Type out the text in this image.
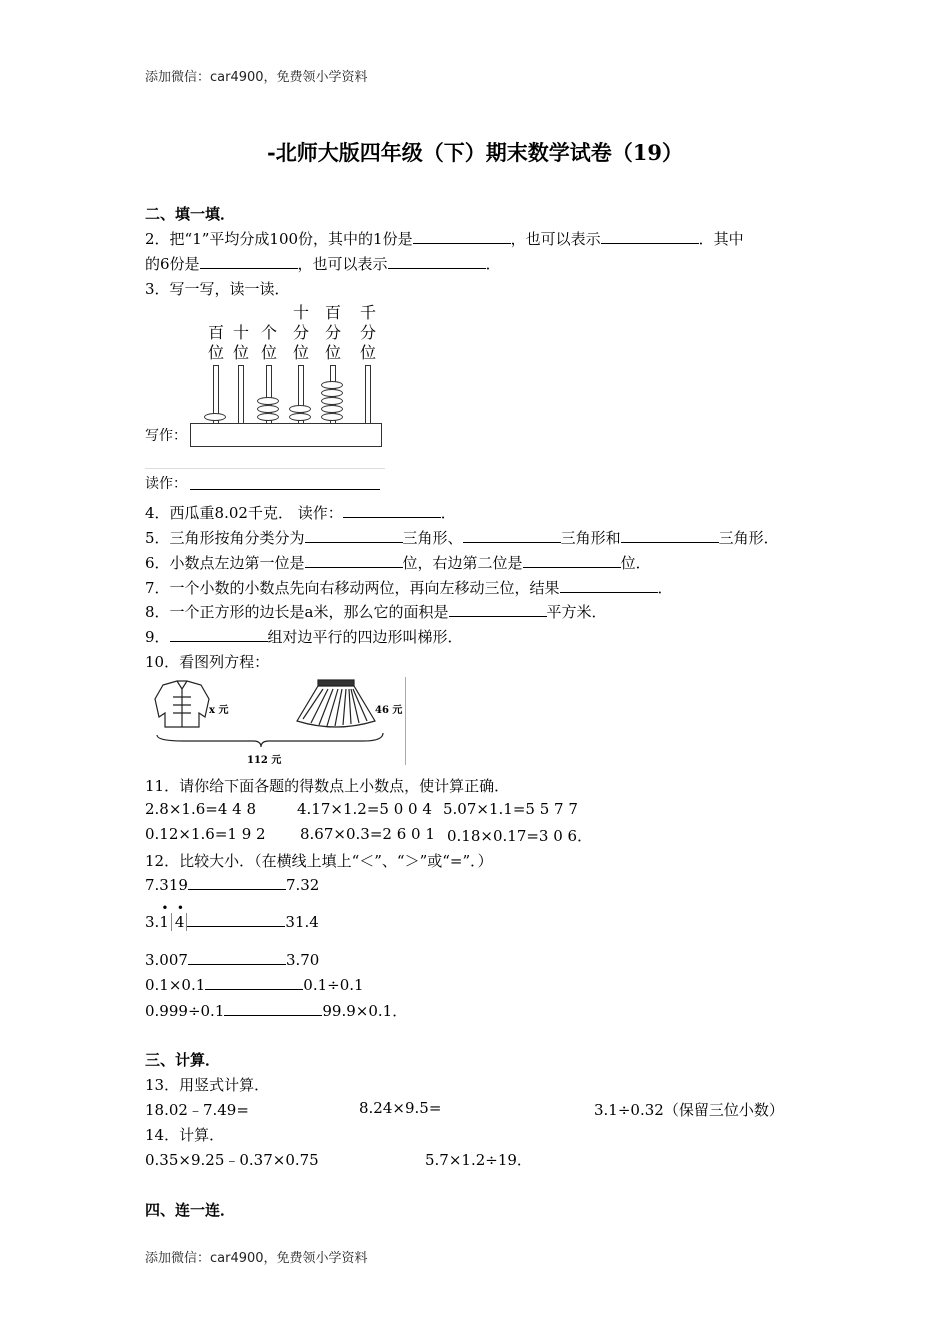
添加微信：car4900，免费领小学资料
-北师大版四年级（下）期末数学试卷（19）
二、填一填．
2．把“1”平均分成100份，其中的1份是	，也可以表示	．其中
的6份是	，也可以表示	．
3．写一写，读一读．
百
位
十
位
个
位
十
分
位
百
分
位
千
分
位
写作：
读作：
4．西瓜重8.02千克． 读作：	．
5．三角形按角分类分为	三角形、	三角形和	三角形．
6．小数点左边第一位是	位，右边第二位是	位．
7．一个小数的小数点先向右移动两位，再向左移动三位，结果	．
8．一个正方形的边长是a米，那么它的面积是	平方米．
9．	组对边平行的四边形叫梯形．
10．看图列方程：
x 元	46 元
112 元
11．请你给下面各题的得数点上小数点，使计算正确．
2.8×1.6=4 4 8	4.17×1.2=5 0 0 4 5.07×1.1=5 5 7 7
0.12×1.6=1 9 2 8.67×0.3=2 6 0 1 0.18×0.17=3 0 6．
12．比较大小．（在横线上填上“＜”、“＞”或“=”．）
7.319	7.32
3.
•
1
•
4	31.4
3.007	3.70
0.1×0.1	0.1÷0.1
0.999÷0.1	99.9×0.1．
三、计算．
13．用竖式计算．
18.02﹣7.49=	8.24×9.5=	3.1÷0.32（保留三位小数）
14．计算．
0.35×9.25﹣0.37×0.75	5.7×1.2÷19．
四、连一连．
添加微信：car4900，免费领小学资料
